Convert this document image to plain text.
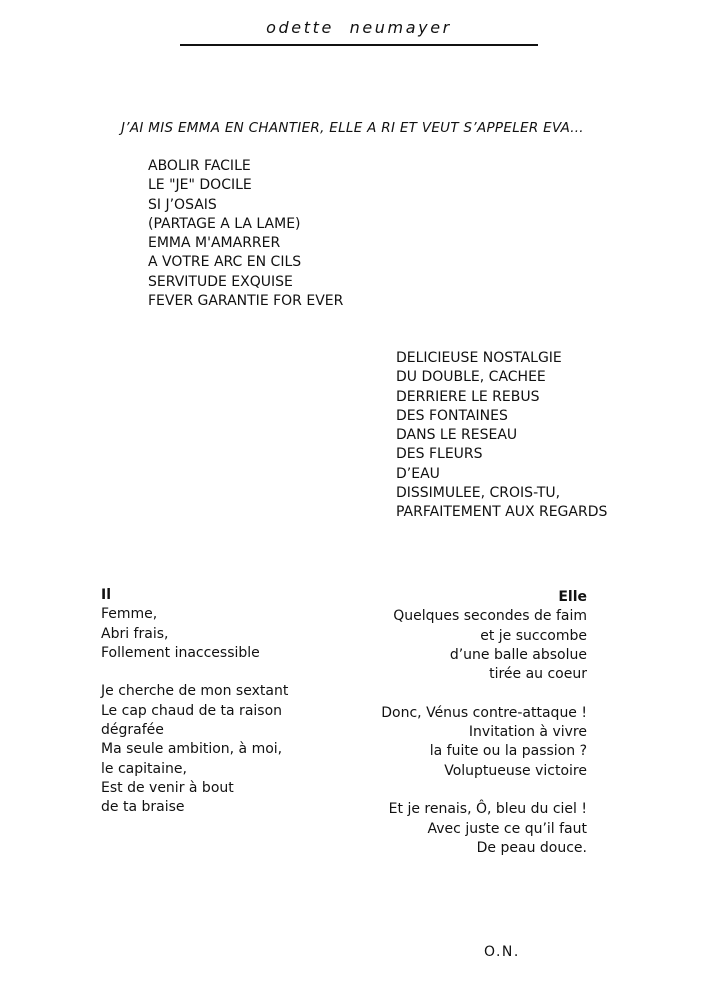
odette neumayer
J’AI MIS EMMA EN CHANTIER, ELLE A RI ET VEUT S’APPELER EVA…
ABOLIR FACILE
LE "JE" DOCILE
SI J’OSAIS
(PARTAGE A LA LAME)
EMMA M'AMARRER
A VOTRE ARC EN CILS
SERVITUDE EXQUISE
FEVER GARANTIE FOR EVER
DELICIEUSE NOSTALGIE
DU DOUBLE, CACHEE
DERRIERE LE REBUS
DES FONTAINES
DANS LE RESEAU
DES FLEURS
D’EAU
DISSIMULEE, CROIS-TU,
PARFAITEMENT AUX REGARDS
Il
Femme,
Abri frais,
Follement inaccessible
Je cherche de mon sextant
Le cap chaud de ta raison
dégrafée
Ma seule ambition, à moi,
le capitaine,
Est de venir à bout
de ta braise
Elle
Quelques secondes de faim
et je succombe
d’une balle absolue
tirée au coeur
Donc, Vénus contre-attaque !
Invitation à vivre
la fuite ou la passion ?
Voluptueuse victoire
Et je renais, Ô, bleu du ciel !
Avec juste ce qu’il faut
De peau douce.
O.N.
